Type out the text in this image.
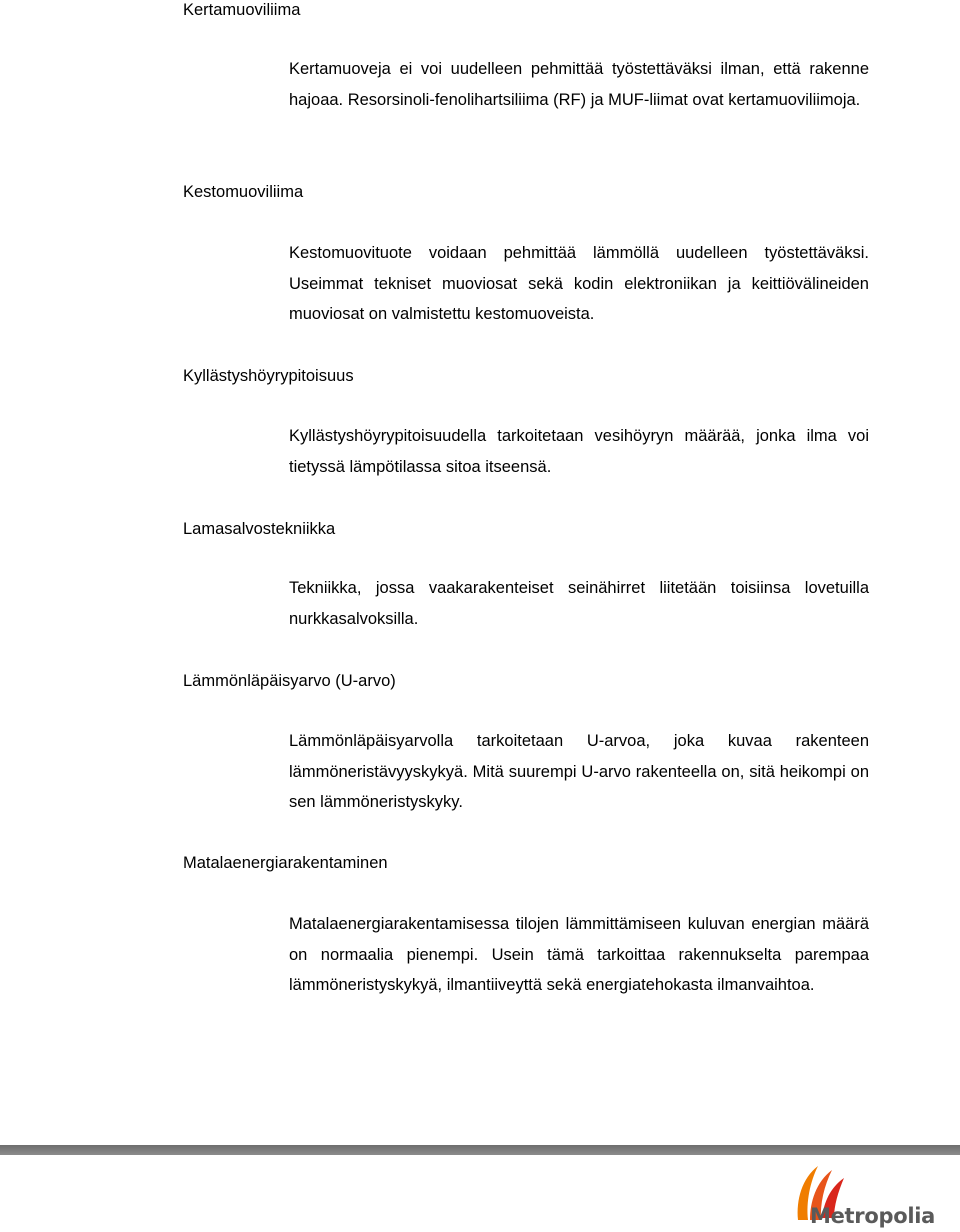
Kertamuoviliima

Kertamuoveja ei voi uudelleen pehmittää työstettäväksi ilman, että rakenne hajoaa. Resorsinoli-fenolihartsiliima (RF) ja MUF-liimat ovat kertamuoviliimoja.

Kestomuoviliima

Kestomuovituote voidaan pehmittää lämmöllä uudelleen työstettäväksi. Useimmat tekniset muoviosat sekä kodin elektroniikan ja keittiövälineiden muoviosat on valmistettu kestomuoveista.

Kyllästyshöyrypitoisuus

Kyllästyshöyrypitoisuudella tarkoitetaan vesihöyryn määrää, jonka ilma voi tietyssä lämpötilassa sitoa itseensä.

Lamasalvostekniikka

Tekniikka, jossa vaakarakenteiset seinähirret liitetään toisiinsa lovetuilla nurkkasalvoksilla.

Lämmönläpäisyarvo (U-arvo)

Lämmönläpäisyarvolla tarkoitetaan U-arvoa, joka kuvaa rakenteen lämmöneristävyyskykyä. Mitä suurempi U-arvo rakenteella on, sitä heikompi on sen lämmöneristyskyky.

Matalaenergiarakentaminen

Matalaenergiarakentamisessa tilojen lämmittämiseen kuluvan energian määrä on normaalia pienempi. Usein tämä tarkoittaa rakennukselta parempaa lämmöneristyskykyä, ilmantiiveyttä sekä energiatehokasta ilmanvaihtoa.

Metropolia
